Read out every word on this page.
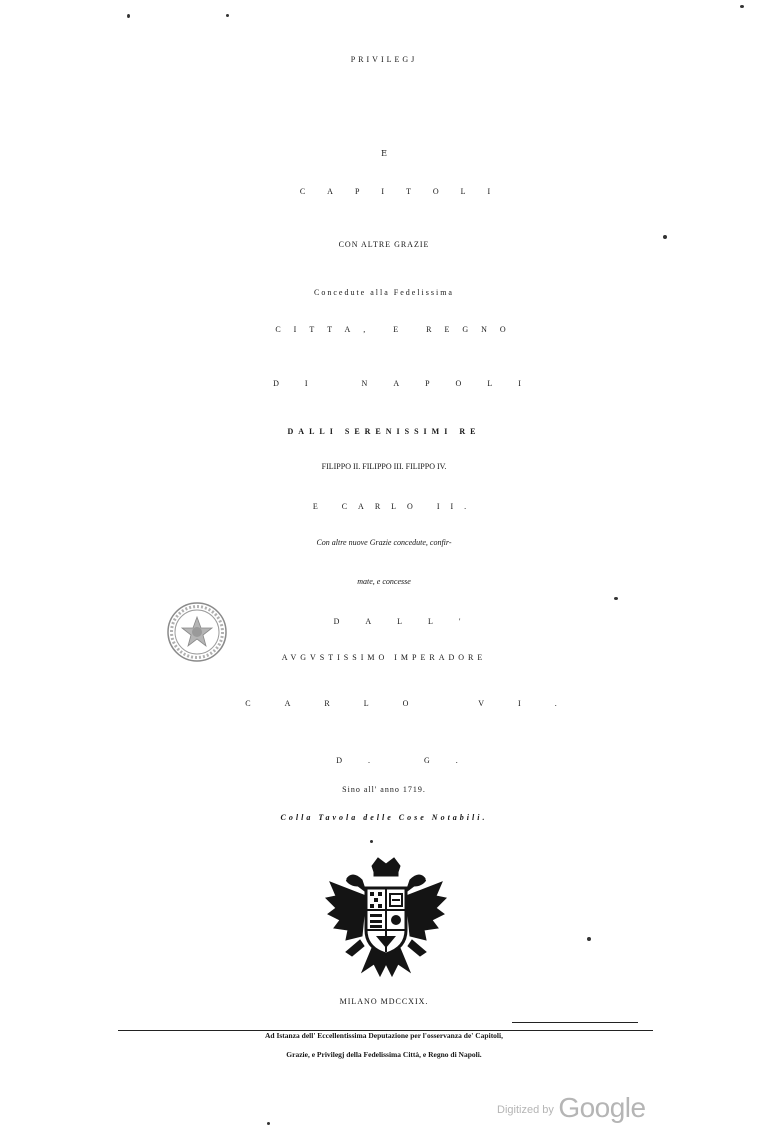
PRIVILEGJ
E
CAPITOLI
CON ALTRE GRAZIE
Concedute alla Fedelissima
CITTA, E REGNO
DI NAPOLI
DALLI SERENISSIMI RE
FILIPPO II. FILIPPO III. FILIPPO IV.
E CARLO II.
Con altre nuove Grazie concedute, confir-
mate, e concesse
DALL'
AVGVSTISSIMO IMPERADORE
CARLO VI.
D. G.
Sino all' anno 1719.
Colla Tavola delle Cose Notabili.
MILANO MDCCXIX.
Ad Istanza dell' Eccellentissima Deputazione per l'osservanza de' Capitoli,
Grazie, e Privilegj della Fedelissima Città, e Regno di Napoli.
$^{Digitized by}$ Google
